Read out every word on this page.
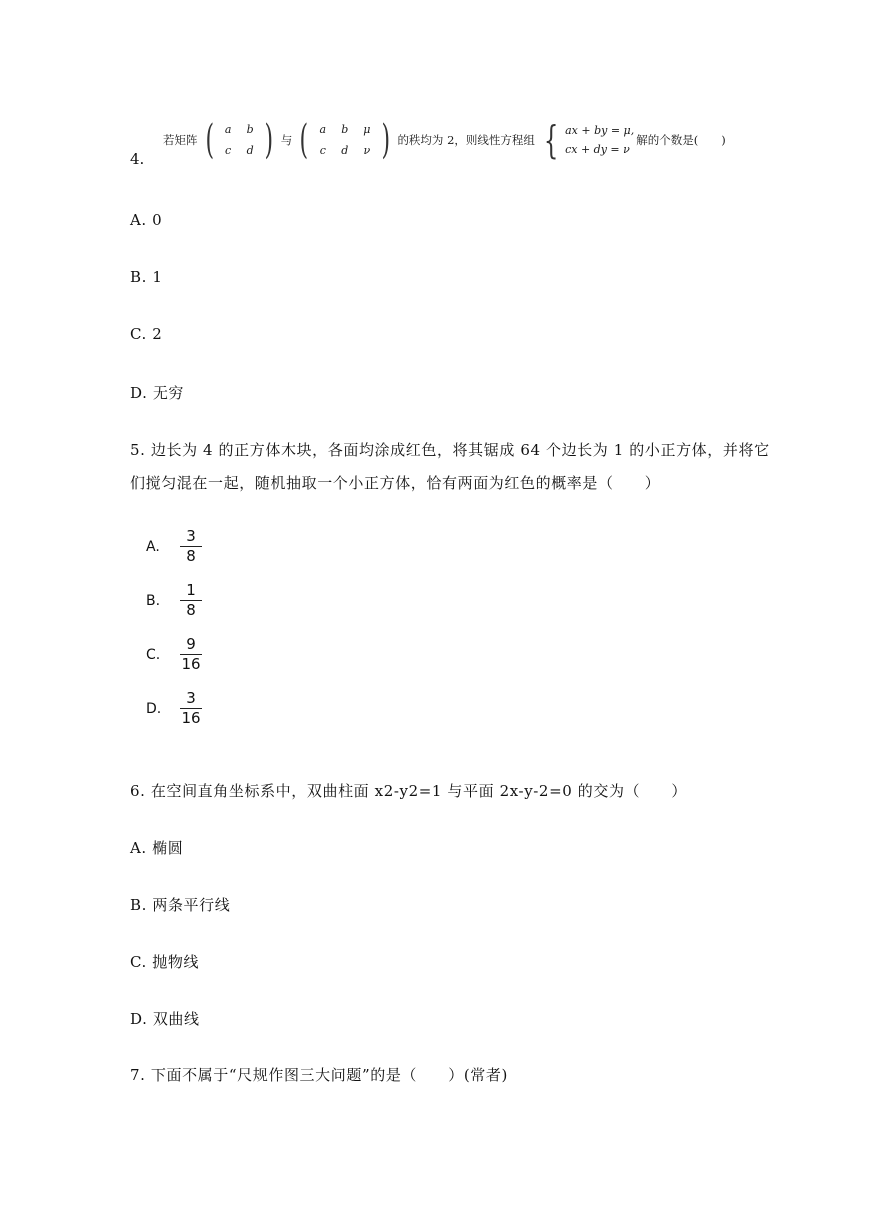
若矩阵 (	a	b
c	d ) 与 (	a	b	μ
c	d	ν ) 的秩均为 2，则线性方程组 { ax + by = μ,
cx + dy = ν
解的个数是(　　)
4.
A. 0
B. 1
C. 2
D. 无穷
5. 边长为 4 的正方体木块，各面均涂成红色，将其锯成 64 个边长为 1 的小正方体，并将它
们搅匀混在一起，随机抽取一个小正方体，恰有两面为红色的概率是（　　）
A.	$\frac{3}{8}$
B.	$\frac{1}{8}$
C.	$\frac{9}{16}$
D.	$\frac{3}{16}$
6. 在空间直角坐标系中，双曲柱面 x2-y2=1 与平面 2x-y-2=0 的交为（　　）
A. 椭圆
B. 两条平行线
C. 抛物线
D. 双曲线
7. 下面不属于“尺规作图三大问题”的是（　　）(常者)
